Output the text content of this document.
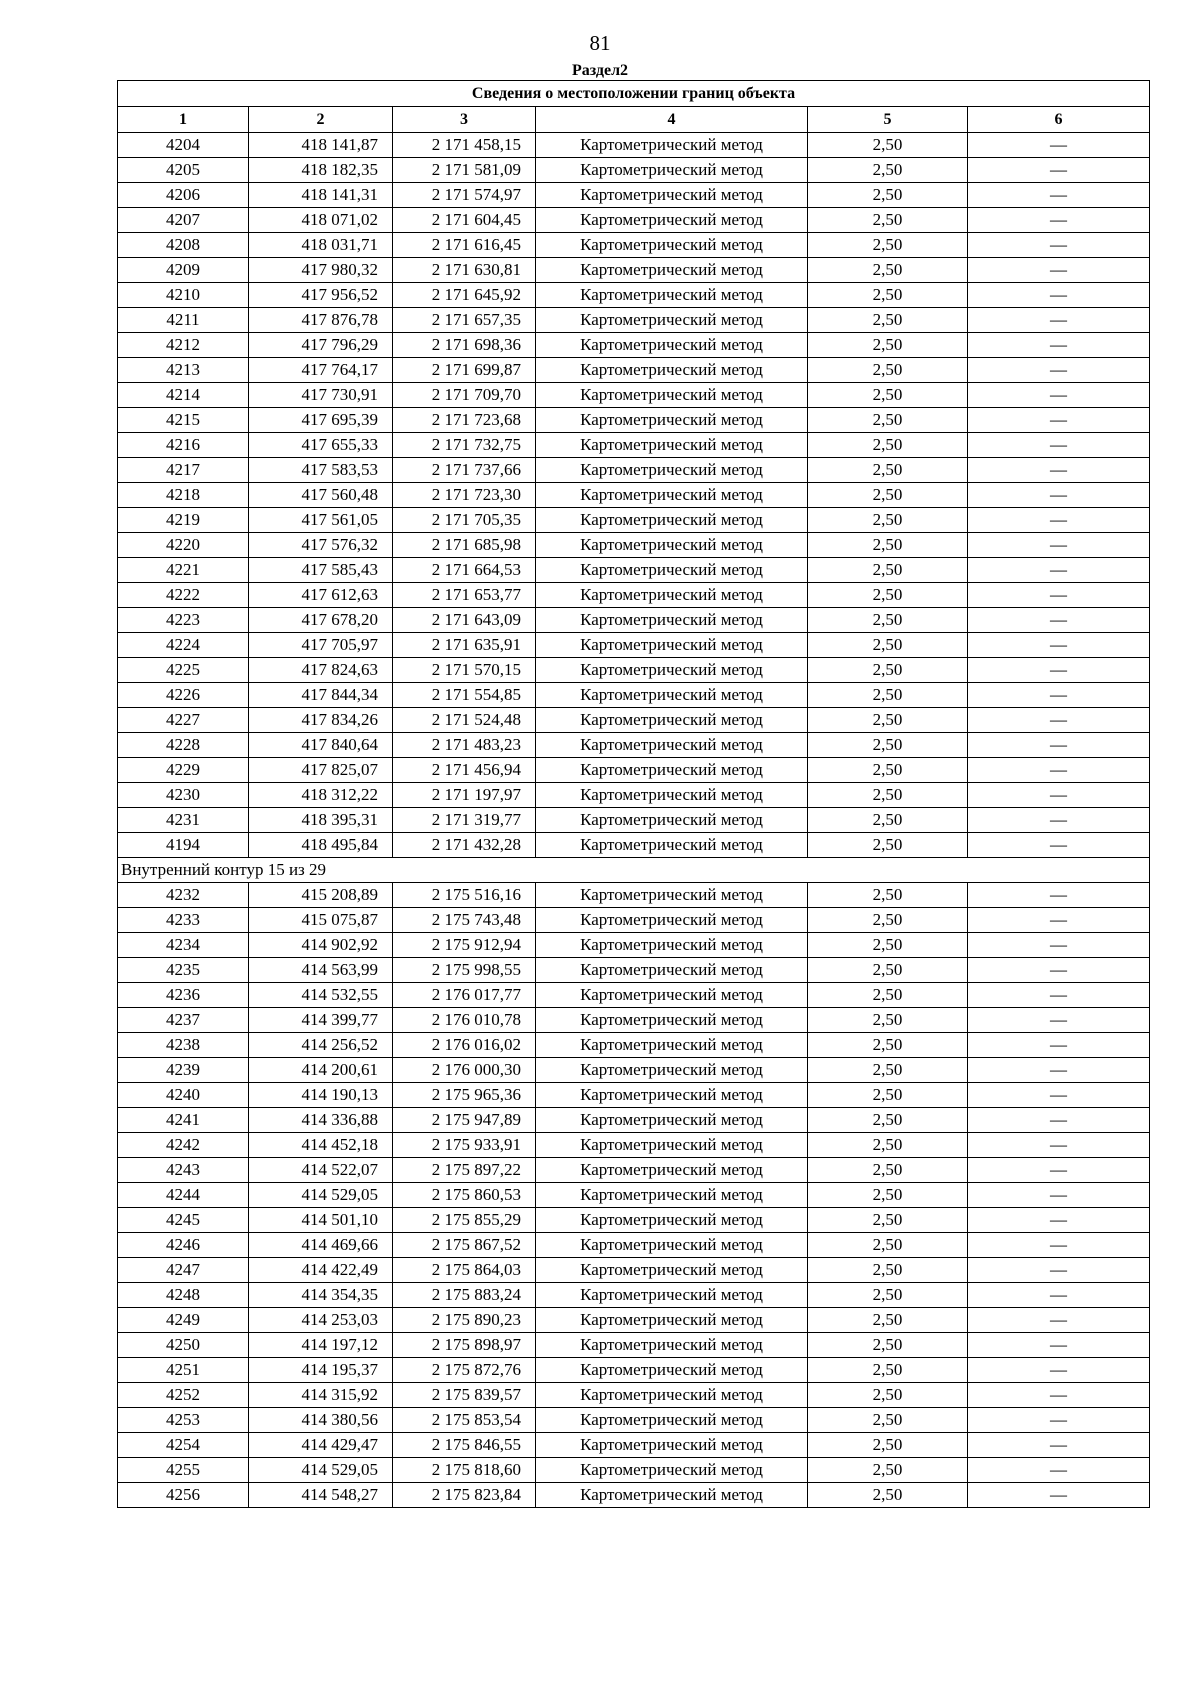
81
Раздел2
Сведения о местоположении границ объекта					
1	2	3	4	5	6
4204	418 141,87	2 171 458,15	Картометрический метод	2,50	—
4205	418 182,35	2 171 581,09	Картометрический метод	2,50	—
4206	418 141,31	2 171 574,97	Картометрический метод	2,50	—
4207	418 071,02	2 171 604,45	Картометрический метод	2,50	—
4208	418 031,71	2 171 616,45	Картометрический метод	2,50	—
4209	417 980,32	2 171 630,81	Картометрический метод	2,50	—
4210	417 956,52	2 171 645,92	Картометрический метод	2,50	—
4211	417 876,78	2 171 657,35	Картометрический метод	2,50	—
4212	417 796,29	2 171 698,36	Картометрический метод	2,50	—
4213	417 764,17	2 171 699,87	Картометрический метод	2,50	—
4214	417 730,91	2 171 709,70	Картометрический метод	2,50	—
4215	417 695,39	2 171 723,68	Картометрический метод	2,50	—
4216	417 655,33	2 171 732,75	Картометрический метод	2,50	—
4217	417 583,53	2 171 737,66	Картометрический метод	2,50	—
4218	417 560,48	2 171 723,30	Картометрический метод	2,50	—
4219	417 561,05	2 171 705,35	Картометрический метод	2,50	—
4220	417 576,32	2 171 685,98	Картометрический метод	2,50	—
4221	417 585,43	2 171 664,53	Картометрический метод	2,50	—
4222	417 612,63	2 171 653,77	Картометрический метод	2,50	—
4223	417 678,20	2 171 643,09	Картометрический метод	2,50	—
4224	417 705,97	2 171 635,91	Картометрический метод	2,50	—
4225	417 824,63	2 171 570,15	Картометрический метод	2,50	—
4226	417 844,34	2 171 554,85	Картометрический метод	2,50	—
4227	417 834,26	2 171 524,48	Картометрический метод	2,50	—
4228	417 840,64	2 171 483,23	Картометрический метод	2,50	—
4229	417 825,07	2 171 456,94	Картометрический метод	2,50	—
4230	418 312,22	2 171 197,97	Картометрический метод	2,50	—
4231	418 395,31	2 171 319,77	Картометрический метод	2,50	—
4194	418 495,84	2 171 432,28	Картометрический метод	2,50	—
Внутренний контур 15 из 29					
4232	415 208,89	2 175 516,16	Картометрический метод	2,50	—
4233	415 075,87	2 175 743,48	Картометрический метод	2,50	—
4234	414 902,92	2 175 912,94	Картометрический метод	2,50	—
4235	414 563,99	2 175 998,55	Картометрический метод	2,50	—
4236	414 532,55	2 176 017,77	Картометрический метод	2,50	—
4237	414 399,77	2 176 010,78	Картометрический метод	2,50	—
4238	414 256,52	2 176 016,02	Картометрический метод	2,50	—
4239	414 200,61	2 176 000,30	Картометрический метод	2,50	—
4240	414 190,13	2 175 965,36	Картометрический метод	2,50	—
4241	414 336,88	2 175 947,89	Картометрический метод	2,50	—
4242	414 452,18	2 175 933,91	Картометрический метод	2,50	—
4243	414 522,07	2 175 897,22	Картометрический метод	2,50	—
4244	414 529,05	2 175 860,53	Картометрический метод	2,50	—
4245	414 501,10	2 175 855,29	Картометрический метод	2,50	—
4246	414 469,66	2 175 867,52	Картометрический метод	2,50	—
4247	414 422,49	2 175 864,03	Картометрический метод	2,50	—
4248	414 354,35	2 175 883,24	Картометрический метод	2,50	—
4249	414 253,03	2 175 890,23	Картометрический метод	2,50	—
4250	414 197,12	2 175 898,97	Картометрический метод	2,50	—
4251	414 195,37	2 175 872,76	Картометрический метод	2,50	—
4252	414 315,92	2 175 839,57	Картометрический метод	2,50	—
4253	414 380,56	2 175 853,54	Картометрический метод	2,50	—
4254	414 429,47	2 175 846,55	Картометрический метод	2,50	—
4255	414 529,05	2 175 818,60	Картометрический метод	2,50	—
4256	414 548,27	2 175 823,84	Картометрический метод	2,50	—
